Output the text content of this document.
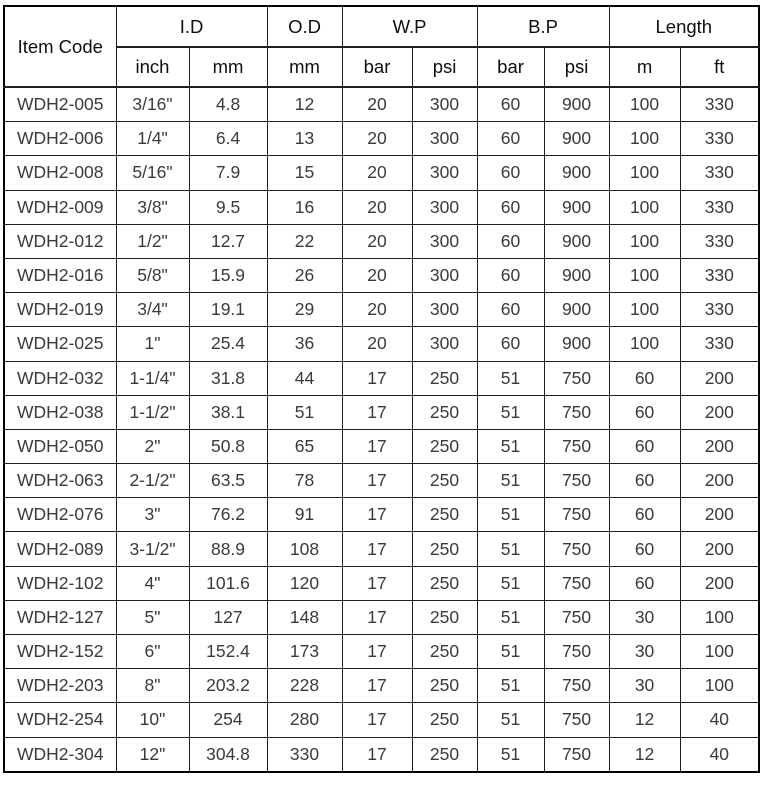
Item Code	I.D		O.D	W.P		B.P		Length	
	inch	mm	mm	bar	psi	bar	psi	m	ft
WDH2-005	3/16"	4.8	12	20	300	60	900	100	330
WDH2-006	1/4"	6.4	13	20	300	60	900	100	330
WDH2-008	5/16"	7.9	15	20	300	60	900	100	330
WDH2-009	3/8"	9.5	16	20	300	60	900	100	330
WDH2-012	1/2"	12.7	22	20	300	60	900	100	330
WDH2-016	5/8"	15.9	26	20	300	60	900	100	330
WDH2-019	3/4"	19.1	29	20	300	60	900	100	330
WDH2-025	1"	25.4	36	20	300	60	900	100	330
WDH2-032	1-1/4"	31.8	44	17	250	51	750	60	200
WDH2-038	1-1/2"	38.1	51	17	250	51	750	60	200
WDH2-050	2"	50.8	65	17	250	51	750	60	200
WDH2-063	2-1/2"	63.5	78	17	250	51	750	60	200
WDH2-076	3"	76.2	91	17	250	51	750	60	200
WDH2-089	3-1/2"	88.9	108	17	250	51	750	60	200
WDH2-102	4"	101.6	120	17	250	51	750	60	200
WDH2-127	5"	127	148	17	250	51	750	30	100
WDH2-152	6"	152.4	173	17	250	51	750	30	100
WDH2-203	8"	203.2	228	17	250	51	750	30	100
WDH2-254	10"	254	280	17	250	51	750	12	40
WDH2-304	12"	304.8	330	17	250	51	750	12	40
